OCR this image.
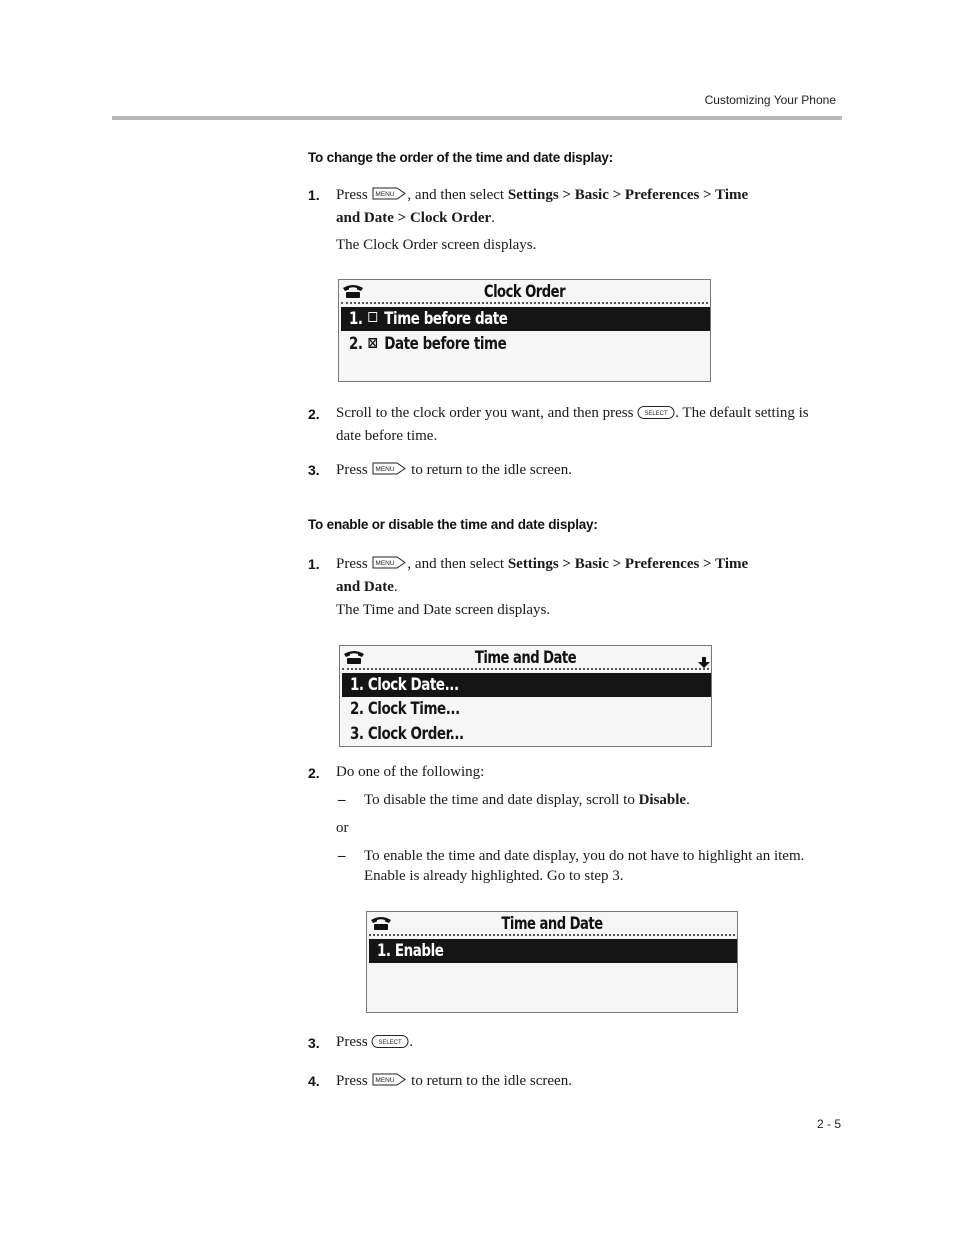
Customizing Your Phone
To change the order of the time and date display:
1. Press MENU , and then select Settings > Basic > Preferences > Time and Date > Clock Order.
The Clock Order screen displays.
Clock Order
1. Time before date
2. Date before time
2. Scroll to the clock order you want, and then press SELECT . The default setting is date before time.
3. Press MENU to return to the idle screen.
To enable or disable the time and date display:
1. Press MENU , and then select Settings > Basic > Preferences > Time and Date.
The Time and Date screen displays.
Time and Date
1. Clock Date...
2. Clock Time...
3. Clock Order...
2. Do one of the following:
– To disable the time and date display, scroll to Disable.
or
– To enable the time and date display, you do not have to highlight an item. Enable is already highlighted. Go to step 3.
Time and Date
1. Enable
3. Press SELECT .
4. Press MENU to return to the idle screen.
2 - 5
